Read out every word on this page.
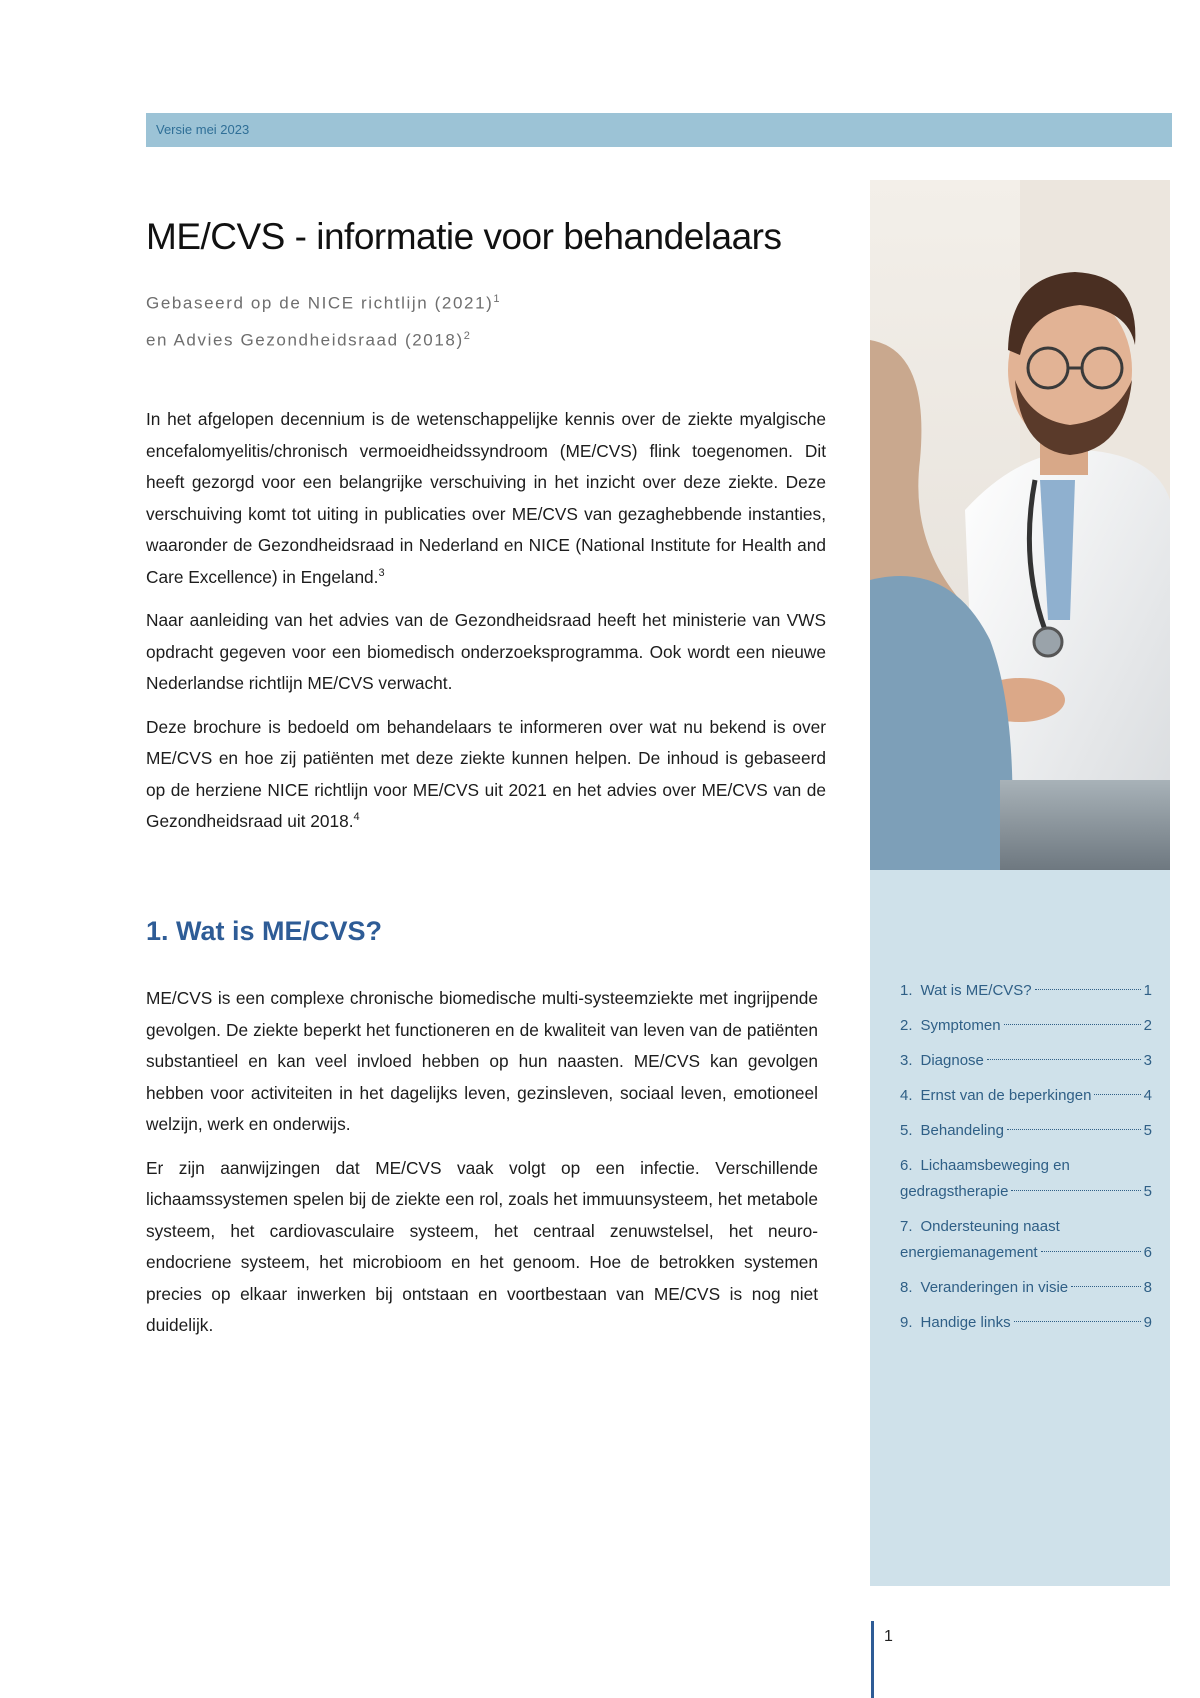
Versie mei 2023
ME/CVS - informatie voor behandelaars
Gebaseerd op de NICE richtlijn $(2021)^1$
en Advies Gezondheidsraad $(2018)^2$

In het afgelopen decennium is de wetenschappelijke kennis over de ziekte myalgische encefalomyelitis/chronisch vermoeidheidssyndroom (ME/CVS) flink toegenomen. Dit heeft gezorgd voor een belangrijke verschuiving in het inzicht over deze ziekte. Deze verschuiving komt tot uiting in publicaties over ME/CVS van gezaghebbende instanties, waaronder de Gezondheidsraad in Nederland en NICE (National Institute for Health and Care Excellence) in Engeland.$^3$

Naar aanleiding van het advies van de Gezondheidsraad heeft het ministerie van VWS opdracht gegeven voor een biomedisch onderzoeksprogramma. Ook wordt een nieuwe Nederlandse richtlijn ME/CVS verwacht.

Deze brochure is bedoeld om behandelaars te informeren over wat nu bekend is over ME/CVS en hoe zij patiënten met deze ziekte kunnen helpen. De inhoud is gebaseerd op de herziene NICE richtlijn voor ME/CVS uit 2021 en het advies over ME/CVS van de Gezondheidsraad uit 2018.$^4$

1. Wat is ME/CVS?

ME/CVS is een complexe chronische biomedische multi-systeemziekte met ingrijpende gevolgen. De ziekte beperkt het functioneren en de kwaliteit van leven van de patiënten substantieel en kan veel invloed hebben op hun naasten. ME/CVS kan gevolgen hebben voor activiteiten in het dagelijks leven, gezinsleven, sociaal leven, emotioneel welzijn, werk en onderwijs.

Er zijn aanwijzingen dat ME/CVS vaak volgt op een infectie. Verschillende lichaamssystemen spelen bij de ziekte een rol, zoals het immuunsysteem, het metabole systeem, het cardiovasculaire systeem, het centraal zenuwstelsel, het neuro-endocriene systeem, het microbioom en het genoom. Hoe de betrokken systemen precies op elkaar inwerken bij ontstaan en voortbestaan van ME/CVS is nog niet duidelijk.

1. Wat is ME/CVS?	1
2. Symptomen	2
3. Diagnose	3
4. Ernst van de beperkingen	4
5. Behandeling	5
6. Lichaamsbeweging en
gedragstherapie	5
7. Ondersteuning naast
energiemanagement	6
8. Veranderingen in visie	8
9. Handige links	9
1
